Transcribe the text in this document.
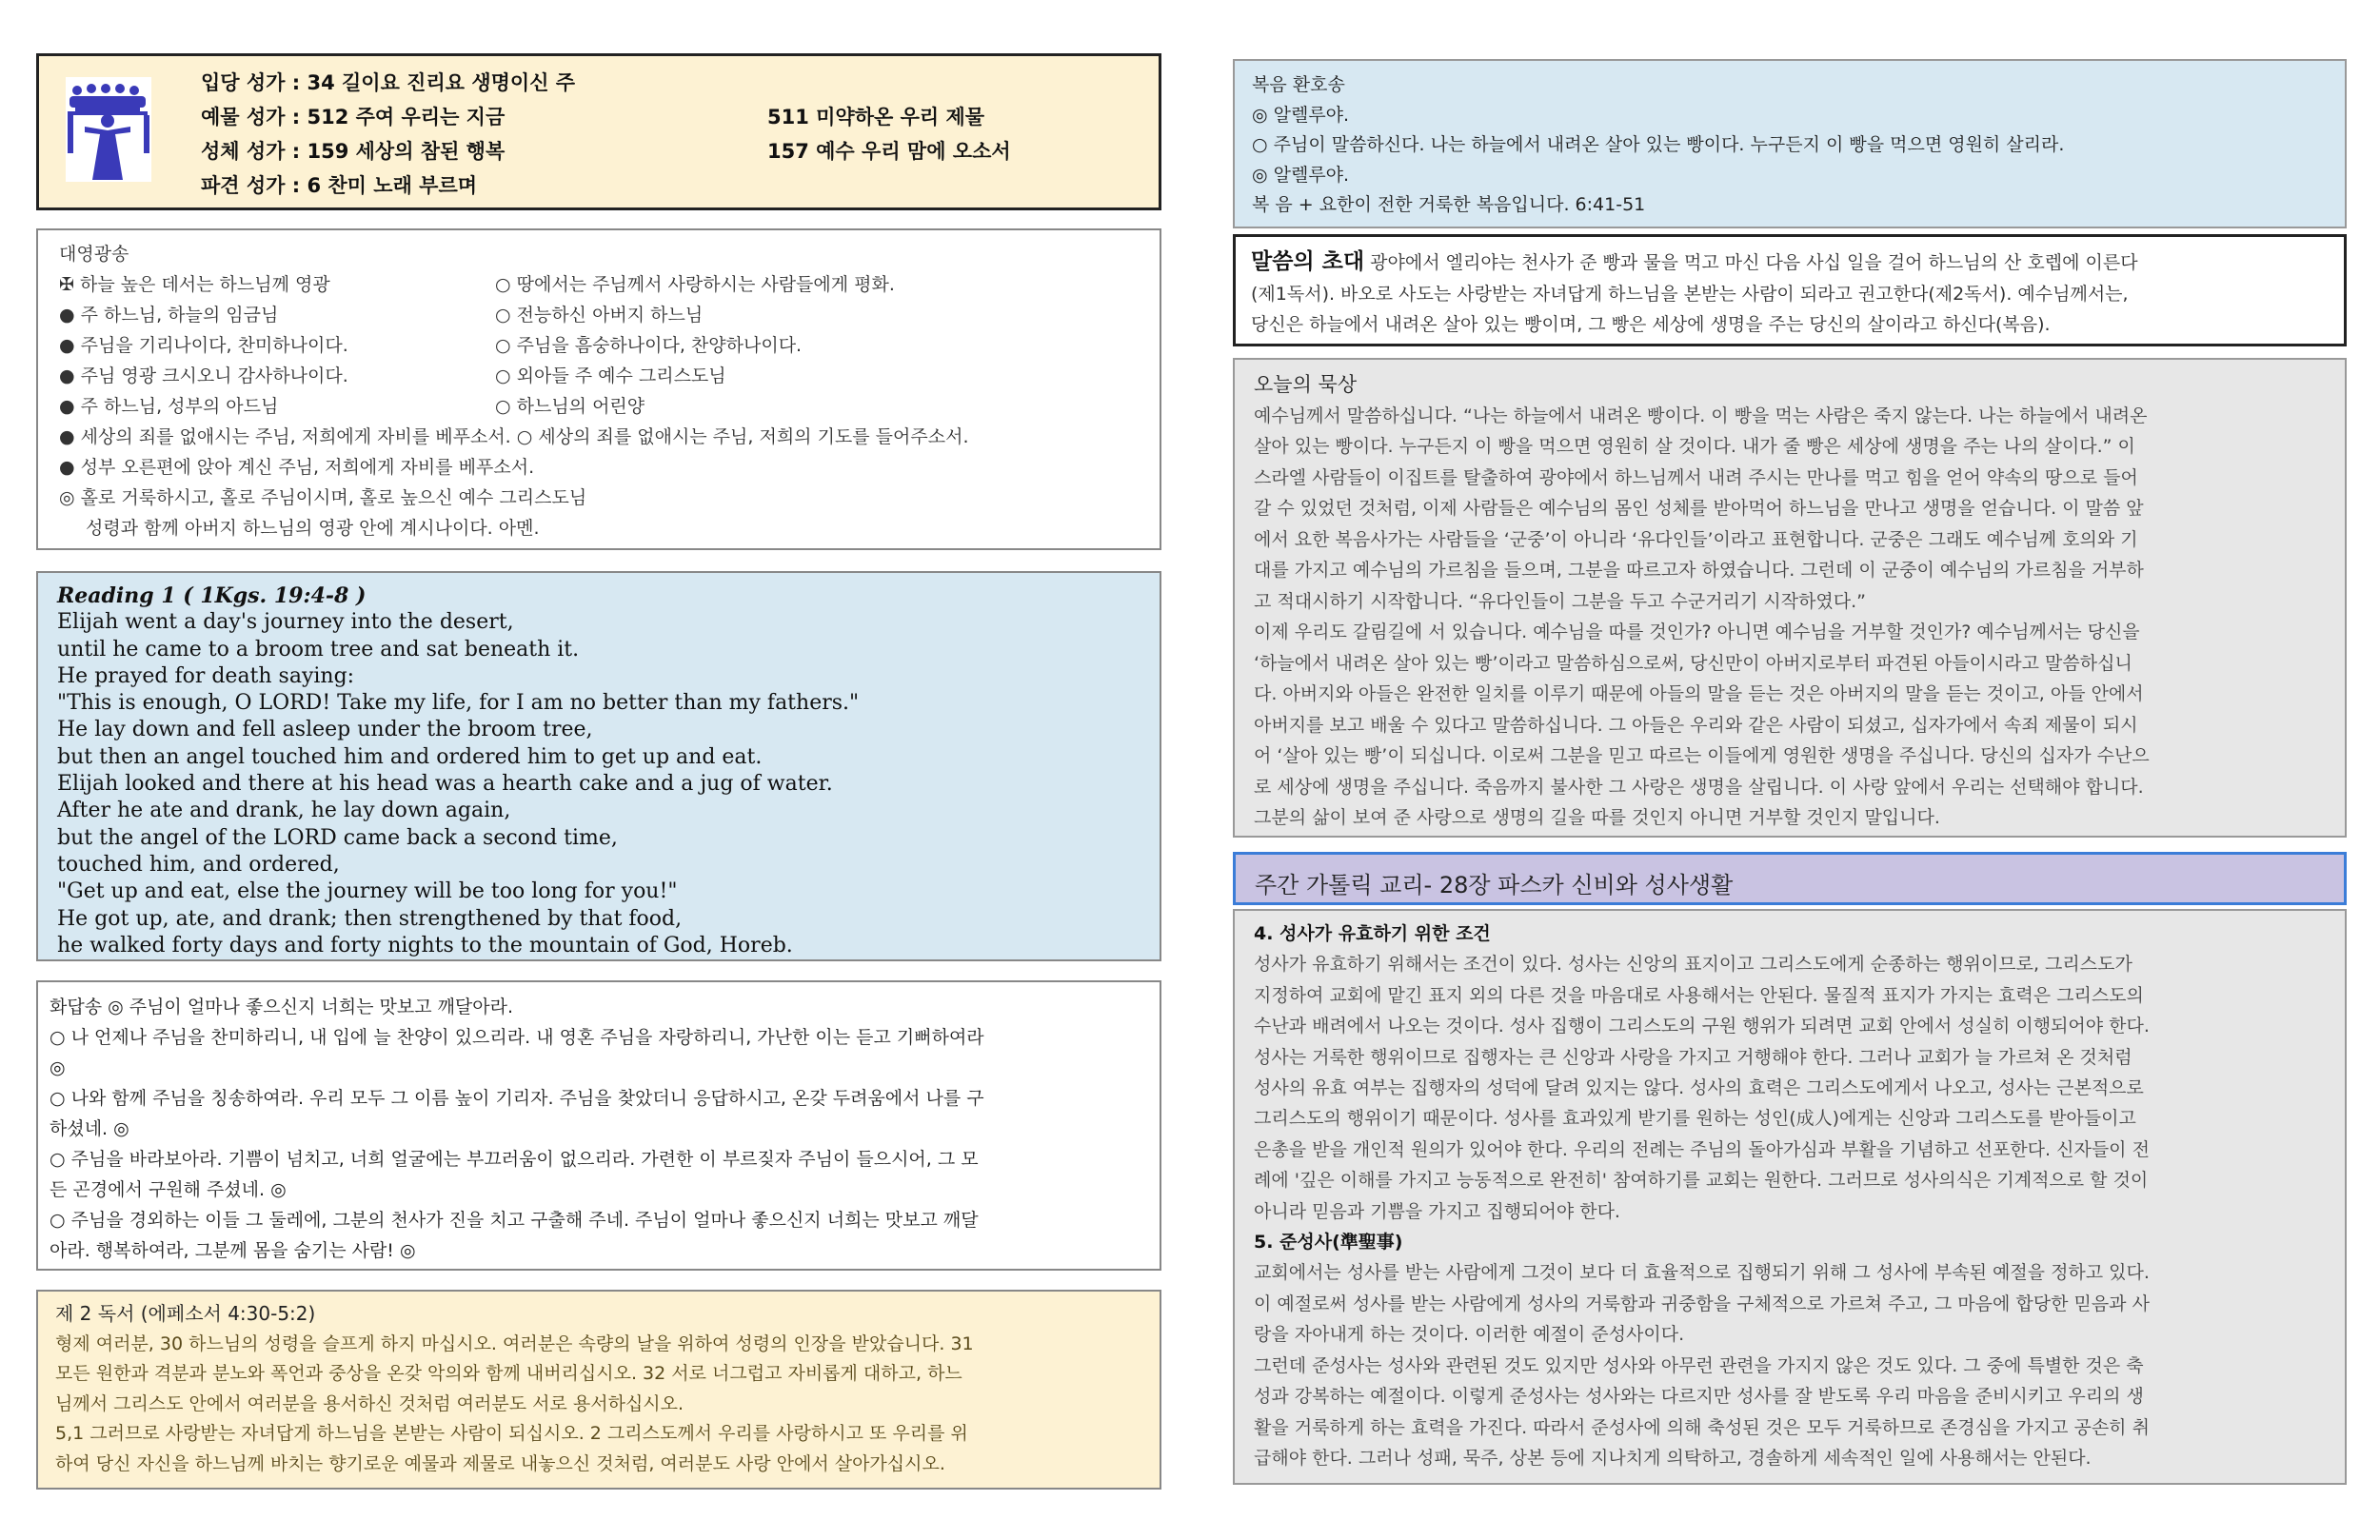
입당 성가 : 34 길이요 진리요 생명이신 주
예물 성가 : 512 주여 우리는 지금	511 미약하온 우리 제물
성체 성가 : 159 세상의 참된 행복	157 예수 우리 맘에 오소서
파견 성가 : 6 찬미 노래 부르며
대영광송
✠ 하늘 높은 데서는 하느님께 영광	○ 땅에서는 주님께서 사랑하시는 사람들에게 평화.
● 주 하느님, 하늘의 임금님	○ 전능하신 아버지 하느님
● 주님을 기리나이다, 찬미하나이다.	○ 주님을 흠숭하나이다, 찬양하나이다.
● 주님 영광 크시오니 감사하나이다.	○ 외아들 주 예수 그리스도님
● 주 하느님, 성부의 아드님	○ 하느님의 어린양
● 세상의 죄를 없애시는 주님, 저희에게 자비를 베푸소서. ○ 세상의 죄를 없애시는 주님, 저희의 기도를 들어주소서.
● 성부 오른편에 앉아 계신 주님, 저희에게 자비를 베푸소서.
◎ 홀로 거룩하시고, 홀로 주님이시며, 홀로 높으신 예수 그리스도님
성령과 함께 아버지 하느님의 영광 안에 계시나이다. 아멘.
Reading 1 ( 1Kgs. 19:4-8 )
Elijah went a day's journey into the desert,
until he came to a broom tree and sat beneath it.
He prayed for death saying:
"This is enough, O LORD! Take my life, for I am no better than my fathers."
He lay down and fell asleep under the broom tree,
but then an angel touched him and ordered him to get up and eat.
Elijah looked and there at his head was a hearth cake and a jug of water.
After he ate and drank, he lay down again,
but the angel of the LORD came back a second time,
touched him, and ordered,
"Get up and eat, else the journey will be too long for you!"
He got up, ate, and drank; then strengthened by that food,
he walked forty days and forty nights to the mountain of God, Horeb.
화답송 ◎ 주님이 얼마나 좋으신지 너희는 맛보고 깨달아라.
○ 나 언제나 주님을 찬미하리니, 내 입에 늘 찬양이 있으리라. 내 영혼 주님을 자랑하리니, 가난한 이는 듣고 기뻐하여라
◎
○ 나와 함께 주님을 칭송하여라. 우리 모두 그 이름 높이 기리자. 주님을 찾았더니 응답하시고, 온갖 두려움에서 나를 구
하셨네. ◎
○ 주님을 바라보아라. 기쁨이 넘치고, 너희 얼굴에는 부끄러움이 없으리라. 가련한 이 부르짖자 주님이 들으시어, 그 모
든 곤경에서 구원해 주셨네. ◎
○ 주님을 경외하는 이들 그 둘레에, 그분의 천사가 진을 치고 구출해 주네. 주님이 얼마나 좋으신지 너희는 맛보고 깨달
아라. 행복하여라, 그분께 몸을 숨기는 사람! ◎
제 2 독서 (에페소서 4:30-5:2)
형제 여러분, 30 하느님의 성령을 슬프게 하지 마십시오. 여러분은 속량의 날을 위하여 성령의 인장을 받았습니다. 31
모든 원한과 격분과 분노와 폭언과 중상을 온갖 악의와 함께 내버리십시오. 32 서로 너그럽고 자비롭게 대하고, 하느
님께서 그리스도 안에서 여러분을 용서하신 것처럼 여러분도 서로 용서하십시오.
5,1 그러므로 사랑받는 자녀답게 하느님을 본받는 사람이 되십시오. 2 그리스도께서 우리를 사랑하시고 또 우리를 위
하여 당신 자신을 하느님께 바치는 향기로운 예물과 제물로 내놓으신 것처럼, 여러분도 사랑 안에서 살아가십시오.
복음 환호송
◎ 알렐루야.
○ 주님이 말씀하신다. 나는 하늘에서 내려온 살아 있는 빵이다. 누구든지 이 빵을 먹으면 영원히 살리라.
◎ 알렐루야.
복 음 + 요한이 전한 거룩한 복음입니다. 6:41-51
말씀의 초대 광야에서 엘리야는 천사가 준 빵과 물을 먹고 마신 다음 사십 일을 걸어 하느님의 산 호렙에 이른다
(제1독서). 바오로 사도는 사랑받는 자녀답게 하느님을 본받는 사람이 되라고 권고한다(제2독서). 예수님께서는,
당신은 하늘에서 내려온 살아 있는 빵이며, 그 빵은 세상에 생명을 주는 당신의 살이라고 하신다(복음).
오늘의 묵상
예수님께서 말씀하십니다. “나는 하늘에서 내려온 빵이다. 이 빵을 먹는 사람은 죽지 않는다. 나는 하늘에서 내려온
살아 있는 빵이다. 누구든지 이 빵을 먹으면 영원히 살 것이다. 내가 줄 빵은 세상에 생명을 주는 나의 살이다.” 이
스라엘 사람들이 이집트를 탈출하여 광야에서 하느님께서 내려 주시는 만나를 먹고 힘을 얻어 약속의 땅으로 들어
갈 수 있었던 것처럼, 이제 사람들은 예수님의 몸인 성체를 받아먹어 하느님을 만나고 생명을 얻습니다. 이 말씀 앞
에서 요한 복음사가는 사람들을 ‘군중’이 아니라 ‘유다인들’이라고 표현합니다. 군중은 그래도 예수님께 호의와 기
대를 가지고 예수님의 가르침을 들으며, 그분을 따르고자 하였습니다. 그런데 이 군중이 예수님의 가르침을 거부하
고 적대시하기 시작합니다. “유다인들이 그분을 두고 수군거리기 시작하였다.”
이제 우리도 갈림길에 서 있습니다. 예수님을 따를 것인가? 아니면 예수님을 거부할 것인가? 예수님께서는 당신을
‘하늘에서 내려온 살아 있는 빵’이라고 말씀하심으로써, 당신만이 아버지로부터 파견된 아들이시라고 말씀하십니
다. 아버지와 아들은 완전한 일치를 이루기 때문에 아들의 말을 듣는 것은 아버지의 말을 듣는 것이고, 아들 안에서
아버지를 보고 배울 수 있다고 말씀하십니다. 그 아들은 우리와 같은 사람이 되셨고, 십자가에서 속죄 제물이 되시
어 ‘살아 있는 빵’이 되십니다. 이로써 그분을 믿고 따르는 이들에게 영원한 생명을 주십니다. 당신의 십자가 수난으
로 세상에 생명을 주십니다. 죽음까지 불사한 그 사랑은 생명을 살립니다. 이 사랑 앞에서 우리는 선택해야 합니다.
그분의 삶이 보여 준 사랑으로 생명의 길을 따를 것인지 아니면 거부할 것인지 말입니다.
주간 가톨릭 교리- 28장 파스카 신비와 성사생활
4. 성사가 유효하기 위한 조건
성사가 유효하기 위해서는 조건이 있다. 성사는 신앙의 표지이고 그리스도에게 순종하는 행위이므로, 그리스도가
지정하여 교회에 맡긴 표지 외의 다른 것을 마음대로 사용해서는 안된다. 물질적 표지가 가지는 효력은 그리스도의
수난과 배려에서 나오는 것이다. 성사 집행이 그리스도의 구원 행위가 되려면 교회 안에서 성실히 이행되어야 한다.
성사는 거룩한 행위이므로 집행자는 큰 신앙과 사랑을 가지고 거행해야 한다. 그러나 교회가 늘 가르쳐 온 것처럼
성사의 유효 여부는 집행자의 성덕에 달려 있지는 않다. 성사의 효력은 그리스도에게서 나오고, 성사는 근본적으로
그리스도의 행위이기 때문이다. 성사를 효과있게 받기를 원하는 성인(成人)에게는 신앙과 그리스도를 받아들이고
은총을 받을 개인적 원의가 있어야 한다. 우리의 전례는 주님의 돌아가심과 부활을 기념하고 선포한다. 신자들이 전
례에 '깊은 이해를 가지고 능동적으로 완전히' 참여하기를 교회는 원한다. 그러므로 성사의식은 기계적으로 할 것이
아니라 믿음과 기쁨을 가지고 집행되어야 한다.
5. 준성사(準聖事)
교회에서는 성사를 받는 사람에게 그것이 보다 더 효율적으로 집행되기 위해 그 성사에 부속된 예절을 정하고 있다.
이 예절로써 성사를 받는 사람에게 성사의 거룩함과 귀중함을 구체적으로 가르쳐 주고, 그 마음에 합당한 믿음과 사
랑을 자아내게 하는 것이다. 이러한 예절이 준성사이다.
그런데 준성사는 성사와 관련된 것도 있지만 성사와 아무런 관련을 가지지 않은 것도 있다. 그 중에 특별한 것은 축
성과 강복하는 예절이다. 이렇게 준성사는 성사와는 다르지만 성사를 잘 받도록 우리 마음을 준비시키고 우리의 생
활을 거룩하게 하는 효력을 가진다. 따라서 준성사에 의해 축성된 것은 모두 거룩하므로 존경심을 가지고 공손히 취
급해야 한다. 그러나 성패, 묵주, 상본 등에 지나치게 의탁하고, 경솔하게 세속적인 일에 사용해서는 안된다.
